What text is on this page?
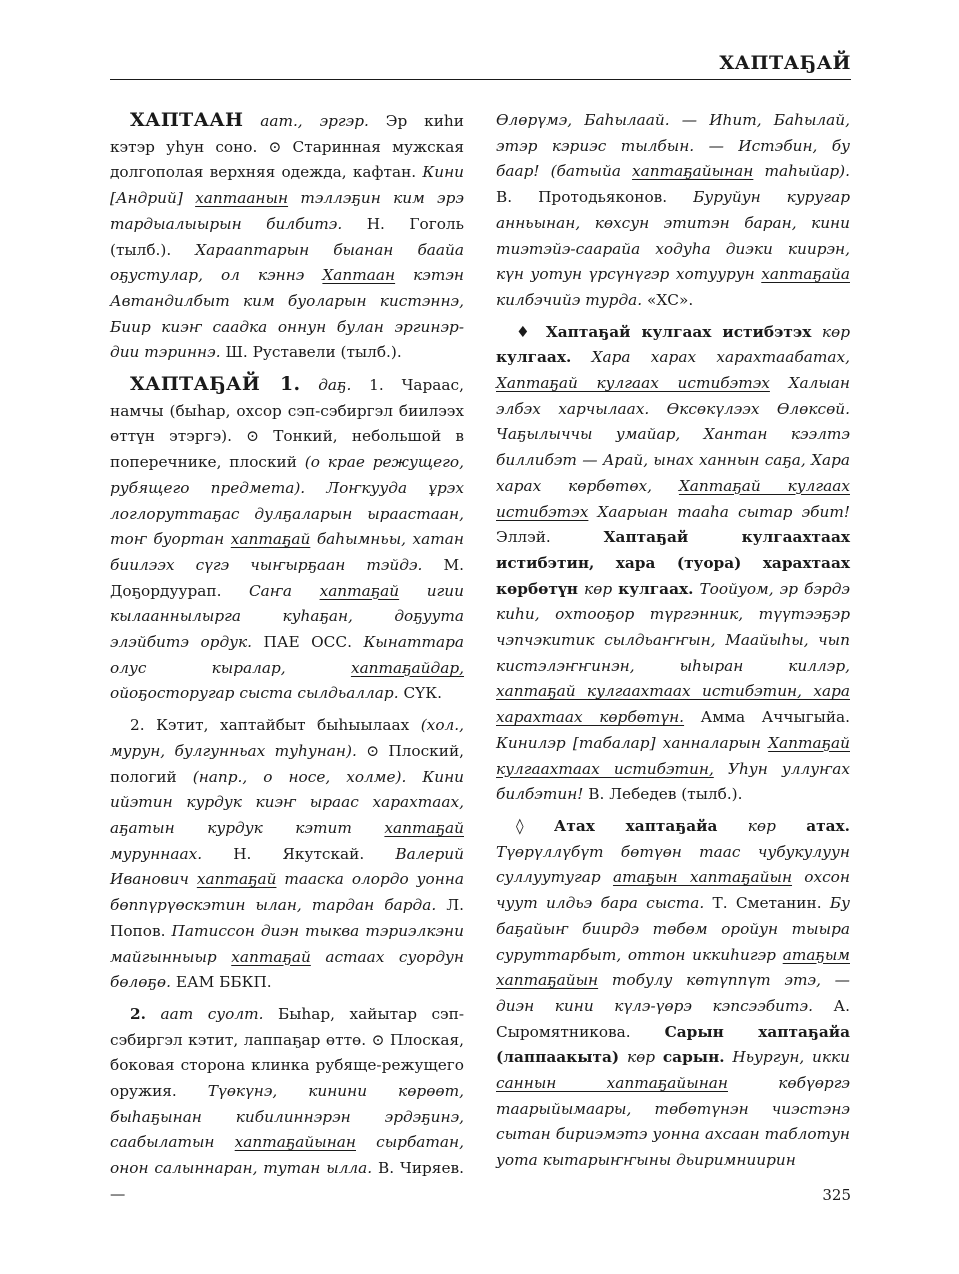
ХАПТАҔАЙ

ХАПТААН аат., эргэр. Эр киһи кэтэр уһун соно. ⊙ Старинная мужская долгополая верхняя одежда, кафтан. Кини [Андрий] хаптаанын тэллэҕин ким эрэ тардыалыырын билбитэ. Н. Гоголь (тылб.). Харааптарын быанан баайа оҕустулар, ол кэннэ Хаптаан кэтэн Автандилбыт ким буоларын кистэннэ, Биир киэҥ саадка оннун булан эргинэр-дии тэриннэ. Ш. Руставели (тылб.).

ХАПТАҔАЙ 1. даҕ. 1. Чараас, намчы (быһар, охсор сэп-сэбиргэл биилээх өттүн этэргэ). ⊙ Тонкий, небольшой в поперечнике, плоский (о крае режущего, рубящего предмета). Лоҥкууда ұрэх логлоруттаҕас дулҕаларын ыраастаан, тоҥ буортан хаптаҕай баһымньы, хатан биилээх сүгэ чыҥырҕаан тэйдэ. М. Доҕордуурап. Саҥа хаптаҕай игии кылааннылырга куһаҕан, доҕуута элэйбитэ ордук. ПАЕ ОСС. Кынаттара олус кыралар,	хаптаҕайдар, ойоҕосторугар сыста сылдьаллар. СҮК.

2. Кэтит, хаптайбыт быһыылаах (хол., мурун, булгунньах туһунан). ⊙ Плоский, пологий (напр., о носе, холме). Кини ийэтин курдук киэҥ ыраас харахтаах, аҕатын курдук кэтит хаптаҕай муруннаах. Н. Якутскай. Валерий Иванович хаптаҕай тааска олордо уонна бөппүрүөскэтин ылан, тардан барда. Л. Попов. Патиссон диэн тыква тэриэлкэни майгынныыр хаптаҕай астаах суордун бөлөҕө. ЕАМ ББКП.

2. аат суолт. Быһар, хайытар сэп-сэбиргэл кэтит, лаппаҕар өттө. ⊙ Плоская, боковая сторона клинка рубяще-режущего оружия. Түөкүнэ, кинини көрөөт, быһаҕынан кибилиннэрэн эрдэҕинэ, саабылатын хаптаҕайынан сырбатан, онон салыннаран, тутан ылла. В. Чиряев. —

Өлөрүмэ, Баһылаай. — Иhит, Баһылай, этэр кэриэс тылбын. — Истэбин, бу баар! (батыйа хаптаҕайынан таһыйар). В. Протодьяконов. Буруйун куругар анньынан, көхсун этитэн баран, кини тиэтэйэ-саарайа ходуһа диэки киирэн, күн уотун үрсүнүгэр хотуурун хаптаҕайа килбэчийэ турда. «ХС».

♦ Хаптаҕай кулгаах истибэтэх көр кулгаах. Хара харах харахтаабатах, Хаптаҕай кулгаах истибэтэх Халыан элбэх харчылаах. Өксөкүлээх Өлөксөй. Чаҕылыччы умайар, Хантан кээлтэ биллибэт — Арай, ынах ханнын саҕа, Хара харах көрбөтөх, Хаптаҕай кулгаах истибэтэх Хаарыан тааһа сытар эбит! Эллэй.	Хаптаҕай кулгаахтаах истибэтин, хара (туора) харахтаах көрбөтүн көр кулгаах. Тоойуом, эр бэрдэ киһи, охтооҕор түргэнник, түүтээҕэр чэпчэкитик сылдьаҥҥын, Маайыһы, чып кистэлэҥҥинэн, ыһыран киллэр, хаптаҕай кулгаахтаах истибэтин, хара харахтаах көрбөтүн. Амма Аччыгыйа. Кинилэр [табалар] ханналарын Хаптаҕай кулгаахтаах истибэтин, Уһун уллуҥах билбэтин! В. Лебедев (тылб.).

◊ Атах хаптаҕайа көр атах. Түөрүллүбүт бөтүөн таас чубукулуун суллуутугар атаҕын хаптаҕайын охсон чуут илдьэ бара сыста. Т. Сметанин. Бу баҕайыҥ биирдэ төбөм оройун тыыра суруттарбыт, оттон иккиһигэр атаҕым хаптаҕайын тобулу көтүппүт этэ, — диэн кини күлэ-үөрэ кэпсээбитэ. А. Сыромятникова. Сарын хаптаҕайа (лаппаакыта) көр сарын. Ньургун, икки саннын хаптаҕайынан	көбүөргэ таарыйымаары, төбөтүнэн чиэстэнэ сытан бириэмэтэ уонна ахсаан таблотун уота кытарыҥҥыны дьиримниирин

325
